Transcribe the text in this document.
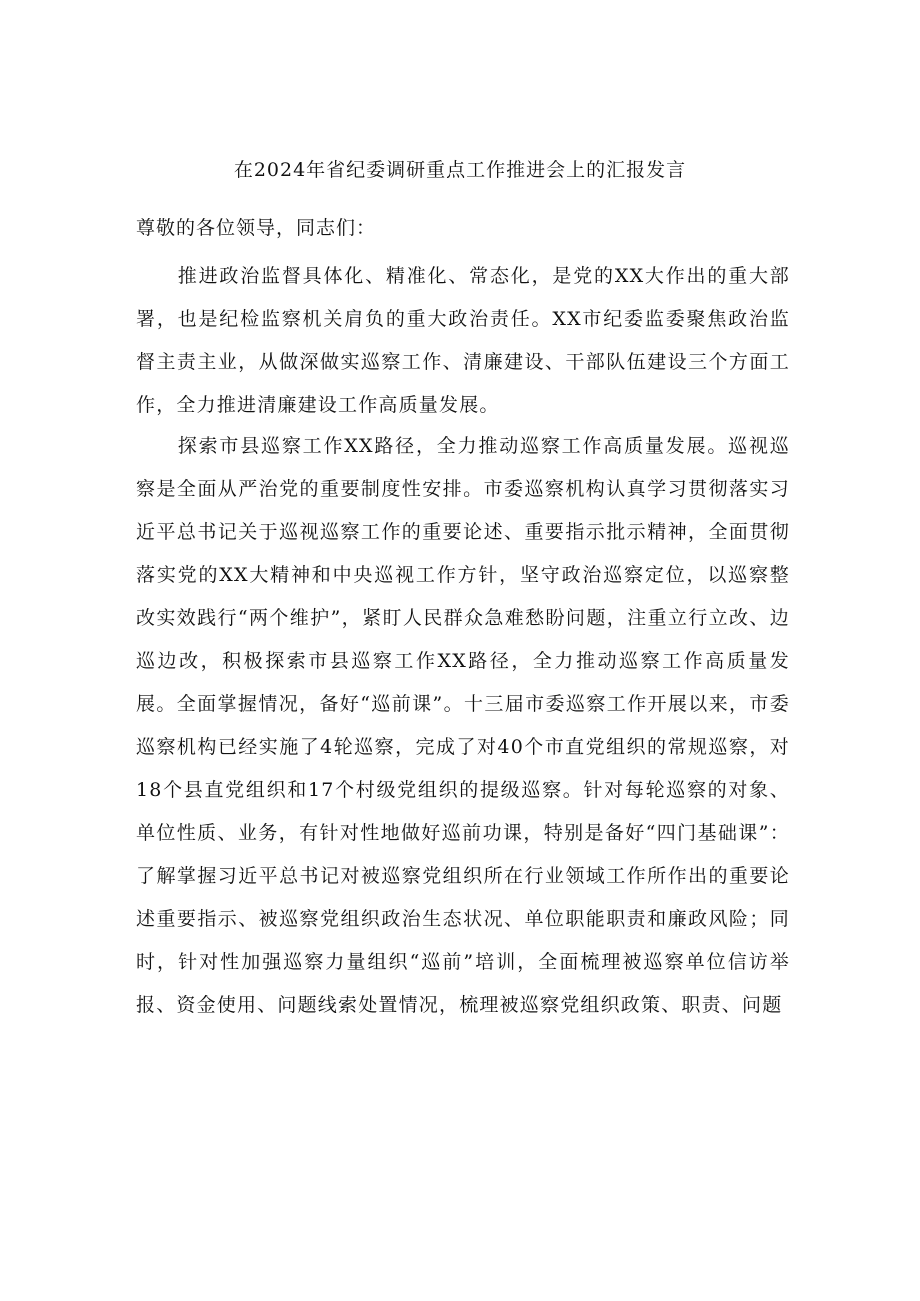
在2024年省纪委调研重点工作推进会上的汇报发言
尊敬的各位领导，同志们：

推进政治监督具体化、精准化、常态化，是党的XX大作出的重大部署，也是纪检监察机关肩负的重大政治责任。XX市纪委监委聚焦政治监督主责主业，从做深做实巡察工作、清廉建设、干部队伍建设三个方面工作，全力推进清廉建设工作高质量发展。

探索市县巡察工作XX路径，全力推动巡察工作高质量发展。巡视巡察是全面从严治党的重要制度性安排。市委巡察机构认真学习贯彻落实习近平总书记关于巡视巡察工作的重要论述、重要指示批示精神，全面贯彻落实党的XX大精神和中央巡视工作方针，坚守政治巡察定位，以巡察整改实效践行“两个维护”，紧盯人民群众急难愁盼问题，注重立行立改、边巡边改，积极探索市县巡察工作XX路径，全力推动巡察工作高质量发展。全面掌握情况，备好“巡前课”。十三届市委巡察工作开展以来，市委巡察机构已经实施了4轮巡察，完成了对40个市直党组织的常规巡察，对18个县直党组织和17个村级党组织的提级巡察。针对每轮巡察的对象、单位性质、业务，有针对性地做好巡前功课，特别是备好“四门基础课”：了解掌握习近平总书记对被巡察党组织所在行业领域工作所作出的重要论述重要指示、被巡察党组织政治生态状况、单位职能职责和廉政风险；同时，针对性加强巡察力量组织“巡前”培训，全面梳理被巡察单位信访举报、资金使用、问题线索处置情况，梳理被巡察党组织政策、职责、问题
